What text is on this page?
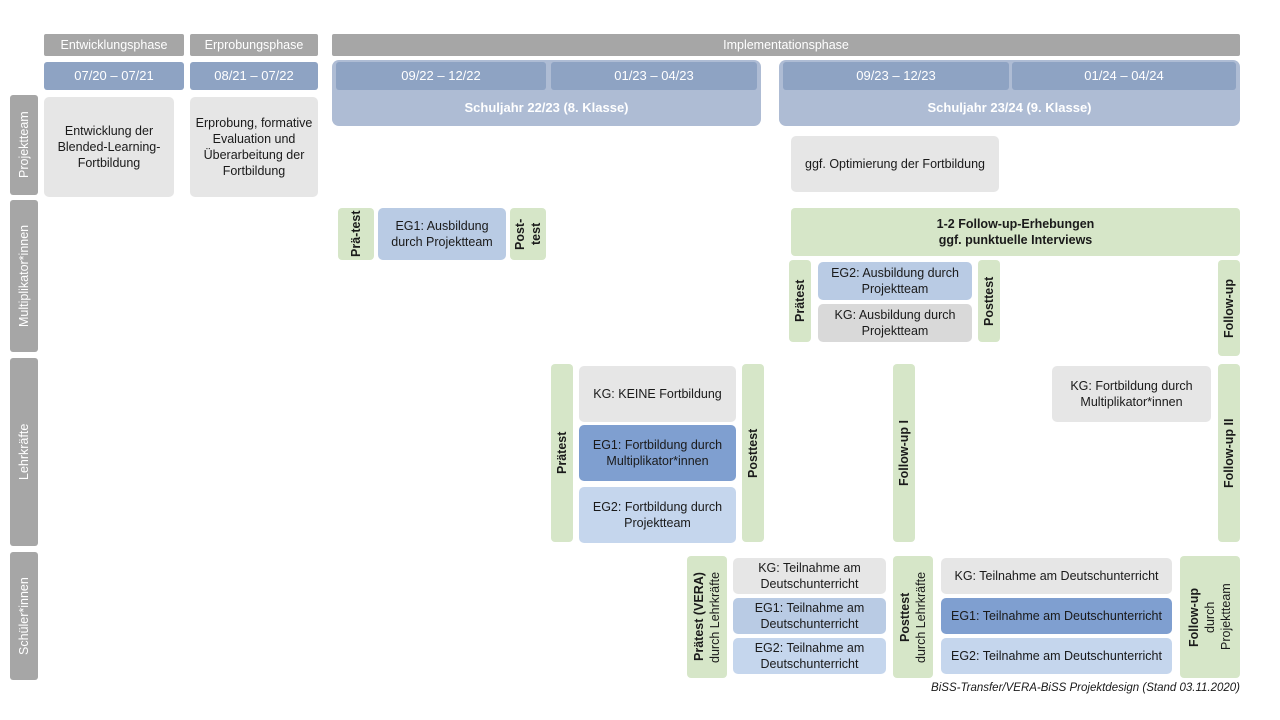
Entwicklungsphase	Erprobungsphase	Implementationsphase
07/20 – 07/21	08/21 – 07/22	09/22 – 12/22	01/23 – 04/23
Schuljahr 22/23 (8. Klasse)
09/23 – 12/23	01/24 – 04/24
Schuljahr 23/24 (9. Klasse)
Projektteam
Multiplikator*innen
Lehrkräfte
Schüler*innen
Entwicklung der Blended-Learning-Fortbildung
Erprobung, formative Evaluation und Überarbeitung der Fortbildung	ggf. Optimierung der Fortbildung
Prä-test	EG1: Ausbildung durch Projektteam	Post-test	1-2 Follow-up-Erhebungen
ggf. punktuelle Interviews
Prätest
EG2: Ausbildung durch Projektteam
KG: Ausbildung durch Projektteam
Posttest	Follow-up
Prätest
KG: KEINE Fortbildung
EG1: Fortbildung durch Multiplikator*innen
EG2: Fortbildung durch Projektteam
Posttest	Follow-up I
KG: Fortbildung durch Multiplikator*innen
Follow-up II
Prätest (VERA) durch Lehrkräfte
KG: Teilnahme am Deutschunterricht
EG1: Teilnahme am Deutschunterricht
EG2: Teilnahme am Deutschunterricht
Posttest durch Lehrkräfte	KG: Teilnahme am Deutschunterricht
EG1: Teilnahme am Deutschunterricht
EG2: Teilnahme am Deutschunterricht
Follow-up durch Projektteam
BiSS-Transfer/VERA-BiSS Projektdesign (Stand 03.11.2020)
